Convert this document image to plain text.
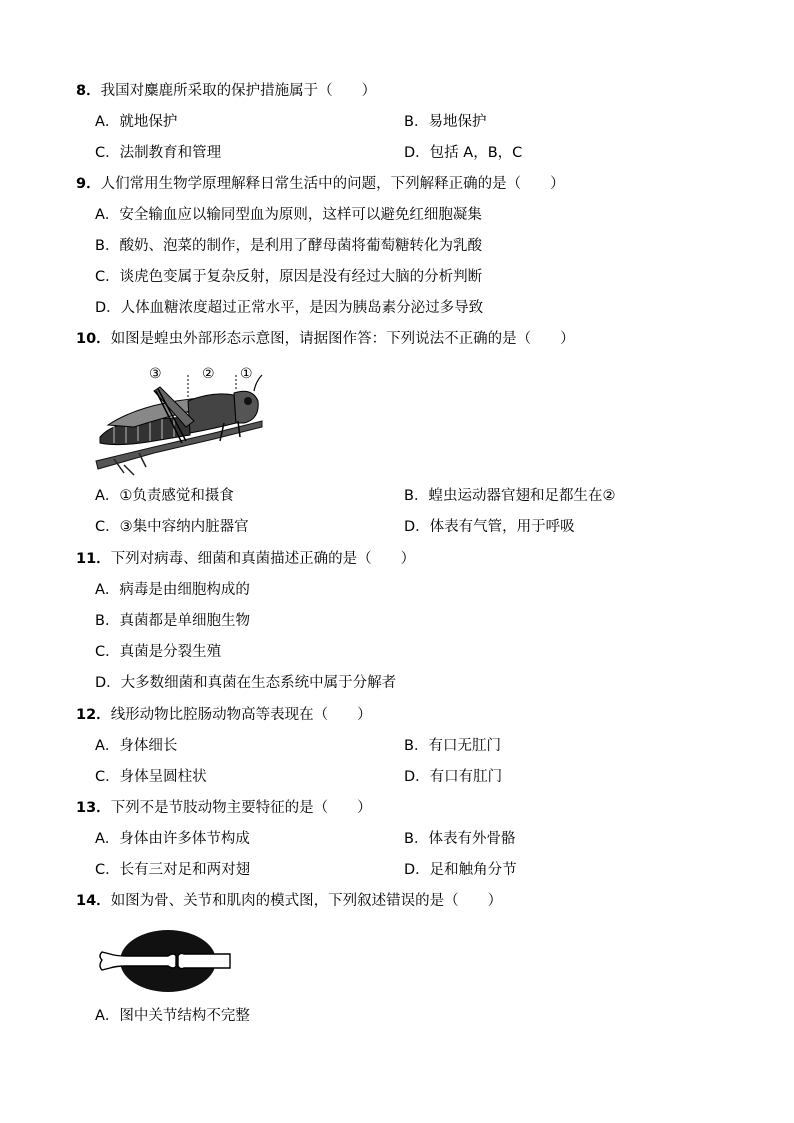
8．我国对麋鹿所采取的保护措施属于（　　）
A．就地保护	B．易地保护
C．法制教育和管理	D．包括 A，B，C
9．人们常用生物学原理解释日常生活中的问题，下列解释正确的是（　　）
A．安全输血应以输同型血为原则，这样可以避免红细胞凝集
B．酸奶、泡菜的制作，是利用了酵母菌将葡萄糖转化为乳酸
C．谈虎色变属于复杂反射，原因是没有经过大脑的分析判断
D．人体血糖浓度超过正常水平，是因为胰岛素分泌过多导致
10．如图是蝗虫外部形态示意图，请据图作答：下列说法不正确的是（　　）
③	② ①
A．①负责感觉和摄食	B．蝗虫运动器官翅和足都生在②
C．③集中容纳内脏器官	D．体表有气管，用于呼吸
11．下列对病毒、细菌和真菌描述正确的是（　　）
A．病毒是由细胞构成的
B．真菌都是单细胞生物
C．真菌是分裂生殖
D．大多数细菌和真菌在生态系统中属于分解者
12．线形动物比腔肠动物高等表现在（　　）
A．身体细长	B．有口无肛门
C．身体呈圆柱状	D．有口有肛门
13．下列不是节肢动物主要特征的是（　　）
A．身体由许多体节构成	B．体表有外骨骼
C．长有三对足和两对翅	D．足和触角分节
14．如图为骨、关节和肌肉的模式图，下列叙述错误的是（　　）
A．图中关节结构不完整
